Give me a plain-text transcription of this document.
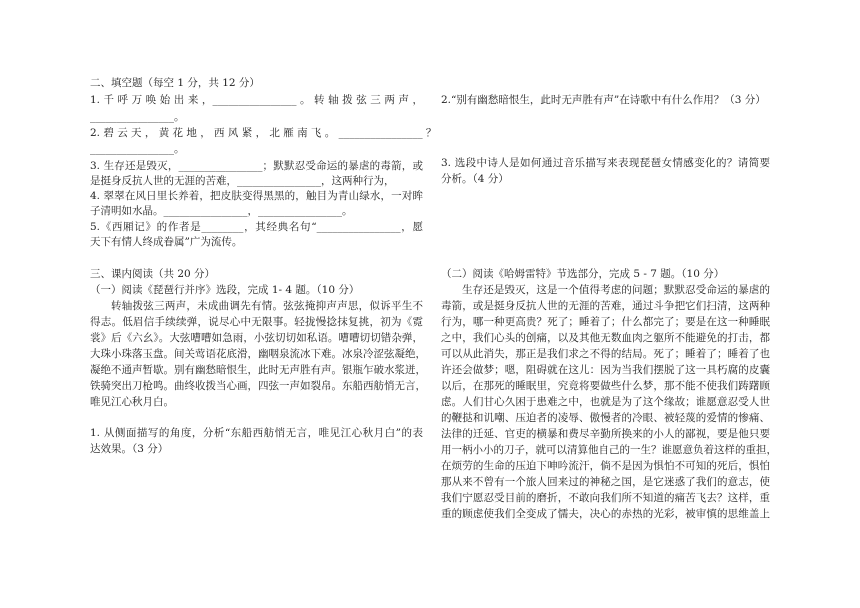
二、填空题（每空 1 分，共 12 分）
1. 千 呼 万 唤 始 出 来 ，________________ 。 转 轴 拨 弦 三 两 声 ，
________________。
2. 碧 云 天 ， 黄 花 地 ， 西 风 紧 ， 北 雁 南 飞 。 ________________ ？
________________。
3. 生存还是毁灭，________________；默默忍受命运的暴虐的毒箭，或
是挺身反抗人世的无涯的苦难，________________，这两种行为，
4. 翠翠在风日里长养着，把皮肤变得黑黑的，触目为青山绿水，一对眸
子清明如水晶。________________，________________。
5.《西厢记》的作者是________，其经典名句“________________，愿
天下有情人终成眷属”广为流传。
三、课内阅读（共 20 分）
（一）阅读《琵琶行并序》选段，完成 1- 4 题。（10 分）
转轴拨弦三两声，未成曲调先有情。弦弦掩抑声声思，似诉平生不
得志。低眉信手续续弹，说尽心中无限事。轻拢慢捻抹复挑，初为《霓
裳》后《六幺》。大弦嘈嘈如急雨，小弦切切如私语。嘈嘈切切错杂弹，
大珠小珠落玉盘。间关莺语花底滑，幽咽泉流冰下难。冰泉冷涩弦凝绝，
凝绝不通声暂歇。别有幽愁暗恨生，此时无声胜有声。银瓶乍破水浆迸，
铁骑突出刀枪鸣。曲终收拨当心画，四弦一声如裂帛。东船西舫悄无言，
唯见江心秋月白。
1. 从侧面描写的角度，分析“东船西舫悄无言，唯见江心秋月白”的表
达效果。（3 分）
2.“别有幽愁暗恨生，此时无声胜有声”在诗歌中有什么作用？（3 分）
3. 选段中诗人是如何通过音乐描写来表现琵琶女情感变化的？请简要
分析。（4 分）
（二）阅读《哈姆雷特》节选部分，完成 5 - 7 题。（10 分）
生存还是毁灭，这是一个值得考虑的问题；默默忍受命运的暴虐的
毒箭，或是挺身反抗人世的无涯的苦难，通过斗争把它们扫清，这两种
行为，哪一种更高贵？死了；睡着了；什么都完了；要是在这一种睡眠
之中，我们心头的创痛，以及其他无数血肉之躯所不能避免的打击，都
可以从此消失，那正是我们求之不得的结局。死了；睡着了；睡着了也
许还会做梦；嗯，阻碍就在这儿：因为当我们摆脱了这一具朽腐的皮囊
以后，在那死的睡眠里，究竟将要做些什么梦，那不能不使我们踌躇顾
虑。人们甘心久困于患难之中，也就是为了这个缘故；谁愿意忍受人世
的鞭挞和讥嘲、压迫者的凌辱、傲慢者的冷眼、被轻蔑的爱情的惨痛、
法律的迁延、官吏的横暴和费尽辛勤所换来的小人的鄙视，要是他只要
用一柄小小的刀子，就可以清算他自己的一生？谁愿意负着这样的重担，
在烦劳的生命的压迫下呻吟流汗，倘不是因为惧怕不可知的死后，惧怕
那从来不曾有一个旅人回来过的神秘之国，是它迷惑了我们的意志，使
我们宁愿忍受目前的磨折，不敢向我们所不知道的痛苦飞去？这样，重
重的顾虑使我们全变成了懦夫，决心的赤热的光彩，被审慎的思维盖上
